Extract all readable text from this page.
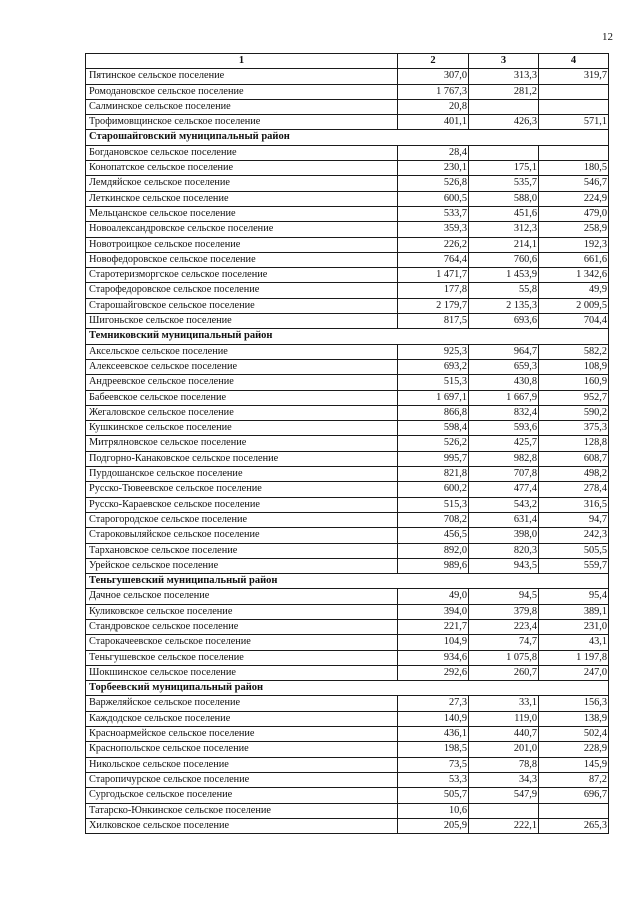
12
1	2	3	4
Пятинское сельское поселение	307,0	313,3	319,7
Ромодановское сельское поселение	1 767,3	281,2	
Салминское сельское поселение	20,8		
Трофимовщинское сельское поселение	401,1	426,3	571,1
Старошайговский муниципальный район			
Богдановское сельское поселение	28,4		
Конопатское сельское поселение	230,1	175,1	180,5
Лемдяйское сельское поселение	526,8	535,7	546,7
Леткинское сельское поселение	600,5	588,0	224,9
Мельцанское сельское поселение	533,7	451,6	479,0
Новоалександровское сельское поселение	359,3	312,3	258,9
Новотроицкое сельское поселение	226,2	214,1	192,3
Новофедоровское сельское поселение	764,4	760,6	661,6
Старотеризморгское сельское поселение	1 471,7	1 453,9	1 342,6
Старофедоровское сельское поселение	177,8	55,8	49,9
Старошайговское сельское поселение	2 179,7	2 135,3	2 009,5
Шигоньское сельское поселение	817,5	693,6	704,4
Темниковский муниципальный район			
Аксельское сельское поселение	925,3	964,7	582,2
Алексеевское сельское поселение	693,2	659,3	108,9
Андреевское сельское поселение	515,3	430,8	160,9
Бабеевское сельское поселение	1 697,1	1 667,9	952,7
Жегаловское сельское поселение	866,8	832,4	590,2
Кушкинское сельское поселение	598,4	593,6	375,3
Митрялновское сельское поселение	526,2	425,7	128,8
Подгорно-Канаковское сельское поселение	995,7	982,8	608,7
Пурдошанское сельское поселение	821,8	707,8	498,2
Русско-Тювеевское сельское поселение	600,2	477,4	278,4
Русско-Караевское сельское поселение	515,3	543,2	316,5
Старогородское сельское поселение	708,2	631,4	94,7
Староковыляйское сельское поселение	456,5	398,0	242,3
Тархановское сельское поселение	892,0	820,3	505,5
Урейское сельское поселение	989,6	943,5	559,7
Теньгушевский муниципальный район			
Дачное сельское поселение	49,0	94,5	95,4
Куликовское сельское поселение	394,0	379,8	389,1
Стандровское сельское поселение	221,7	223,4	231,0
Старокачеевское сельское поселение	104,9	74,7	43,1
Теньгушевское сельское поселение	934,6	1 075,8	1 197,8
Шокшинское сельское поселение	292,6	260,7	247,0
Торбеевский муниципальный район			
Варжеляйское сельское поселение	27,3	33,1	156,3
Каждодское сельское поселение	140,9	119,0	138,9
Красноармейское сельское поселение	436,1	440,7	502,4
Краснопольское сельское поселение	198,5	201,0	228,9
Никольское сельское поселение	73,5	78,8	145,9
Старопичурское сельское поселение	53,3	34,3	87,2
Сургодьское сельское поселение	505,7	547,9	696,7
Татарско-Юнкинское сельское поселение	10,6		
Хилковское сельское поселение	205,9	222,1	265,3
